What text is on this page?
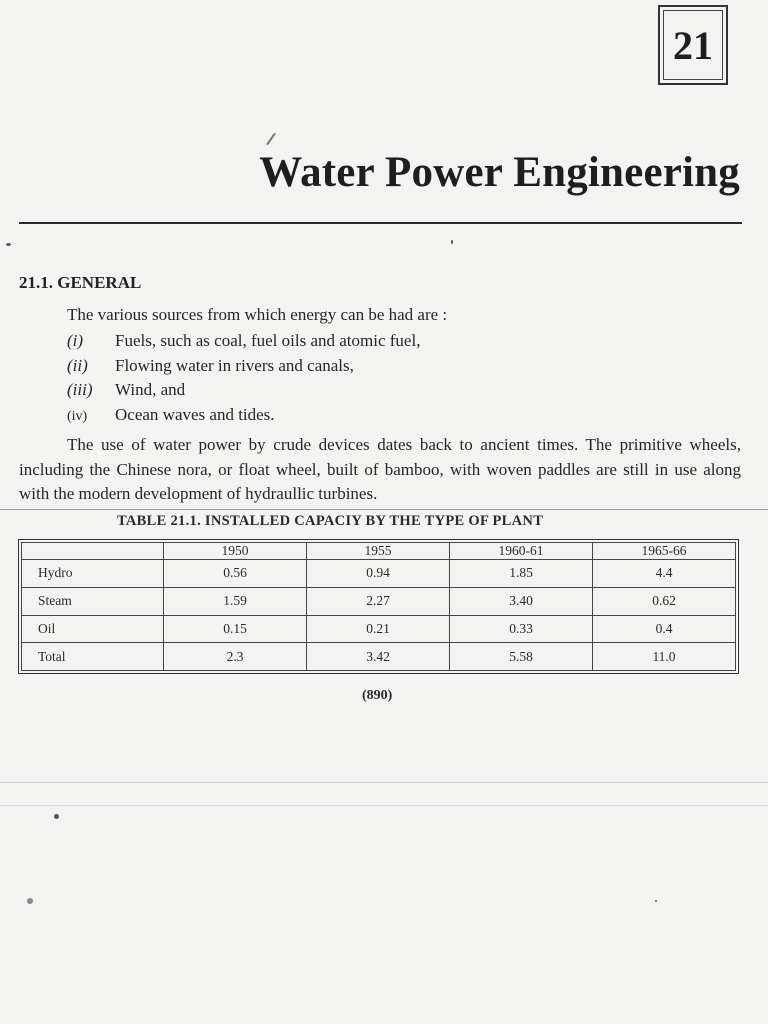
21
Water Power Engineering
21.1. GENERAL
The various sources from which energy can be had are :
(i) Fuels, such as coal, fuel oils and atomic fuel,
(ii) Flowing water in rivers and canals,
(iii) Wind, and
(iv) Ocean waves and tides.

The use of water power by crude devices dates back to ancient times. The primitive wheels, including the Chinese nora, or float wheel, built of bamboo, with woven paddles are still in use along with the modern development of hydraullic turbines.

TABLE 21.1. INSTALLED CAPACIY BY THE TYPE OF PLANT
	1950	1955	1960-61	1965-66
Hydro	0.56	0.94	1.85	4.4
Steam	1.59	2.27	3.40	0.62
Oil	0.15	0.21	0.33	0.4
Total	2.3	3.42	5.58	11.0
(890)
